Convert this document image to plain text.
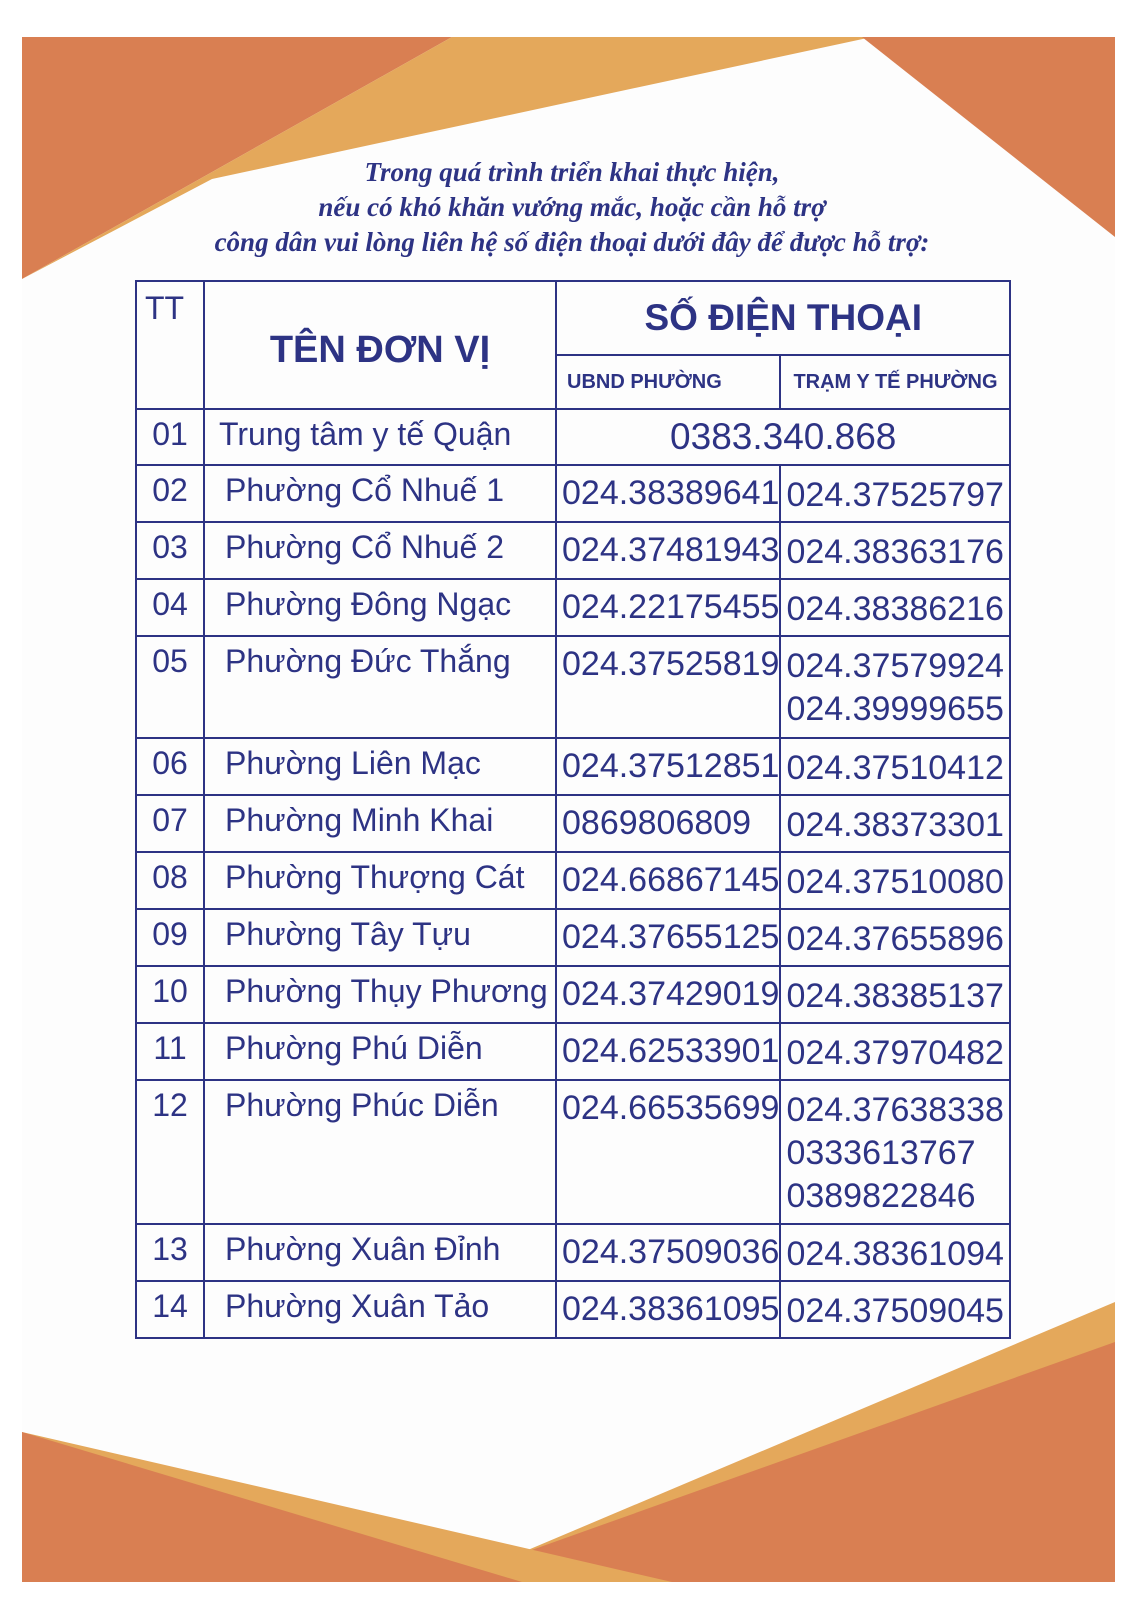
Trong quá trình triển khai thực hiện,
nếu có khó khăn vướng mắc, hoặc cần hỗ trợ
công dân vui lòng liên hệ số điện thoại dưới đây để được hỗ trợ:
TT	TÊN ĐƠN VỊ	SỐ ĐIỆN THOẠI	
		UBND PHƯỜNG	TRẠM Y TẾ PHƯỜNG
01	Trung tâm y tế Quận	0383.340.868	
02	Phường Cổ Nhuế 1	024.38389641	024.37525797

03	Phường Cổ Nhuế 2	024.37481943	024.38363176

04	Phường Đông Ngạc	024.22175455	024.38386216

05	Phường Đức Thắng	024.37525819	024.37579924
024.39999655

06	Phường Liên Mạc	024.37512851	024.37510412

07	Phường Minh Khai	0869806809	024.38373301

08	Phường Thượng Cát	024.66867145	024.37510080

09	Phường Tây Tựu	024.37655125	024.37655896

10	Phường Thụy Phương	024.37429019	024.38385137

11	Phường Phú Diễn	024.62533901	024.37970482

12	Phường Phúc Diễn	024.66535699	024.37638338
0333613767
0389822846

13	Phường Xuân Đỉnh	024.37509036	024.38361094

14	Phường Xuân Tảo	024.38361095	024.37509045
